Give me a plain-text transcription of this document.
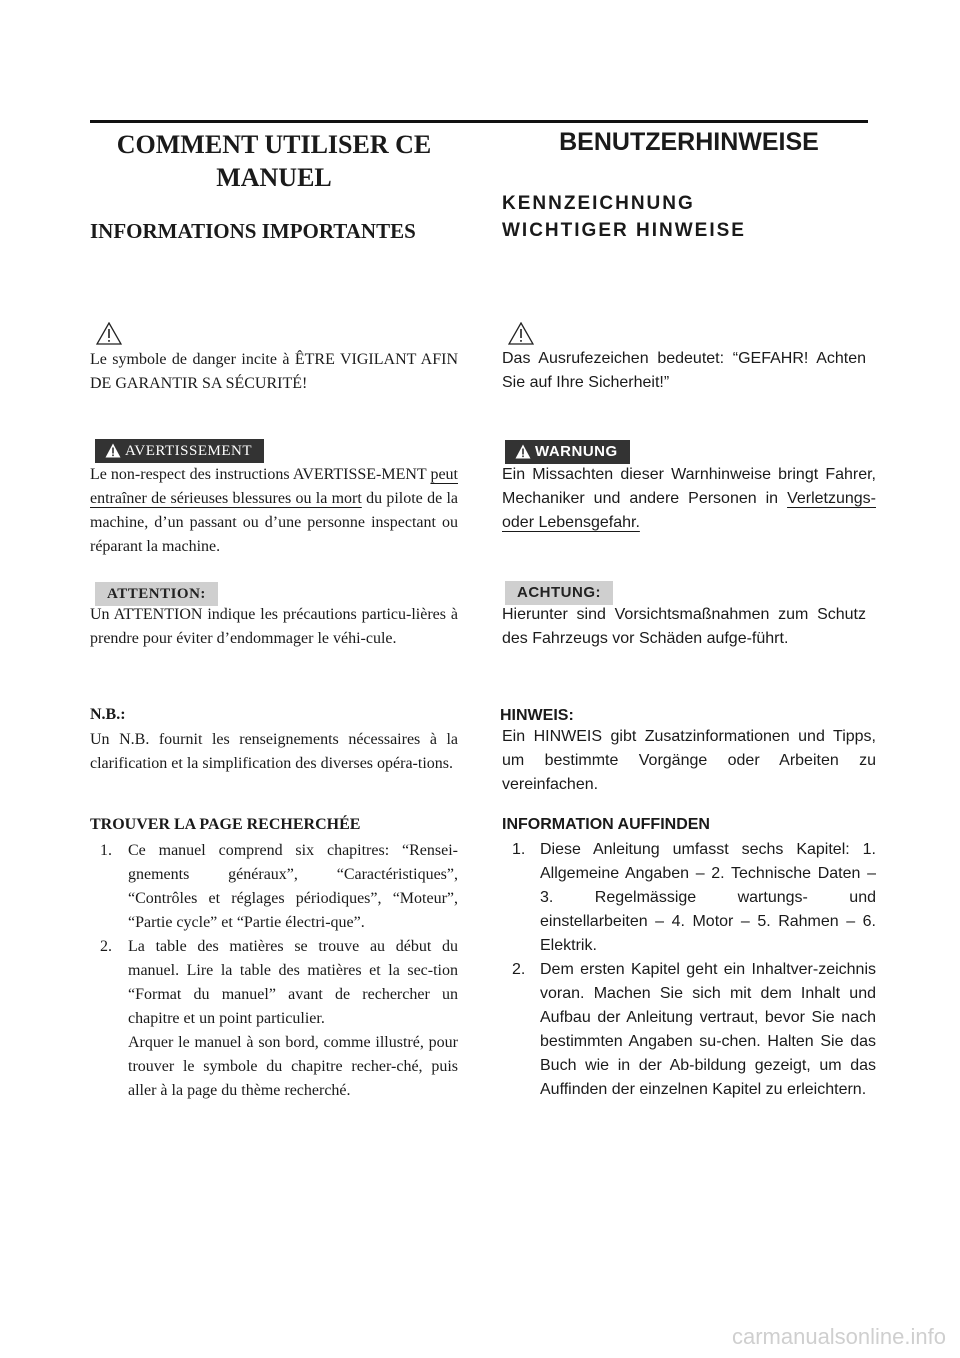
COMMENT UTILISER CE MANUEL
INFORMATIONS IMPORTANTES

Le symbole de danger incite à ÊTRE VIGILANT AFIN DE GARANTIR SA SÉCURITÉ!

AVERTISSEMENT

Le non-respect des instructions AVERTISSE-MENT peut entraîner de sérieuses blessures ou la mort du pilote de la machine, d’un passant ou d’une personne inspectant ou réparant la machine.

ATTENTION:

Un ATTENTION indique les précautions particu-lières à prendre pour éviter d’endommager le véhi-cule.

N.B.:

Un N.B. fournit les renseignements nécessaires à la clarification et la simplification des diverses opéra-tions.

TROUVER LA PAGE RECHERCHÉE
1. Ce manuel comprend six chapitres: “Rensei-gnements généraux”, “Caractéristiques”, “Contrôles et réglages périodiques”, “Moteur”, “Partie cycle” et “Partie électri-que”.
2. La table des matières se trouve au début du manuel. Lire la table des matières et la sec-tion “Format du manuel” avant de rechercher un chapitre et un point particulier.
Arquer le manuel à son bord, comme illustré, pour trouver le symbole du chapitre recher-ché, puis aller à la page du thème recherché.
BENUTZERHINWEISE
KENNZEICHNUNG
WICHTIGER HINWEISE

Das Ausrufezeichen bedeutet: “GEFAHR! Achten Sie auf Ihre Sicherheit!”

WARNUNG

Ein Missachten dieser Warnhinweise bringt Fahrer, Mechaniker und andere Personen in Verletzungs- oder Lebensgefahr.

ACHTUNG:

Hierunter sind Vorsichtsmaßnahmen zum Schutz des Fahrzeugs vor Schäden aufge-führt.

HINWEIS:

Ein HINWEIS gibt Zusatzinformationen und Tipps, um bestimmte Vorgänge oder Arbeiten zu vereinfachen.

INFORMATION AUFFINDEN
1. Diese Anleitung umfasst sechs Kapitel: 1. Allgemeine Angaben – 2. Technische Daten – 3. Regelmässige wartungs- und einstellarbeiten – 4. Motor – 5. Rahmen – 6. Elektrik.
2. Dem ersten Kapitel geht ein Inhaltver-zeichnis voran. Machen Sie sich mit dem Inhalt und Aufbau der Anleitung vertraut, bevor Sie nach bestimmten Angaben su-chen. Halten Sie das Buch wie in der Ab-bildung gezeigt, um das Auffinden der einzelnen Kapitel zu erleichtern.
carmanualsonline.info
